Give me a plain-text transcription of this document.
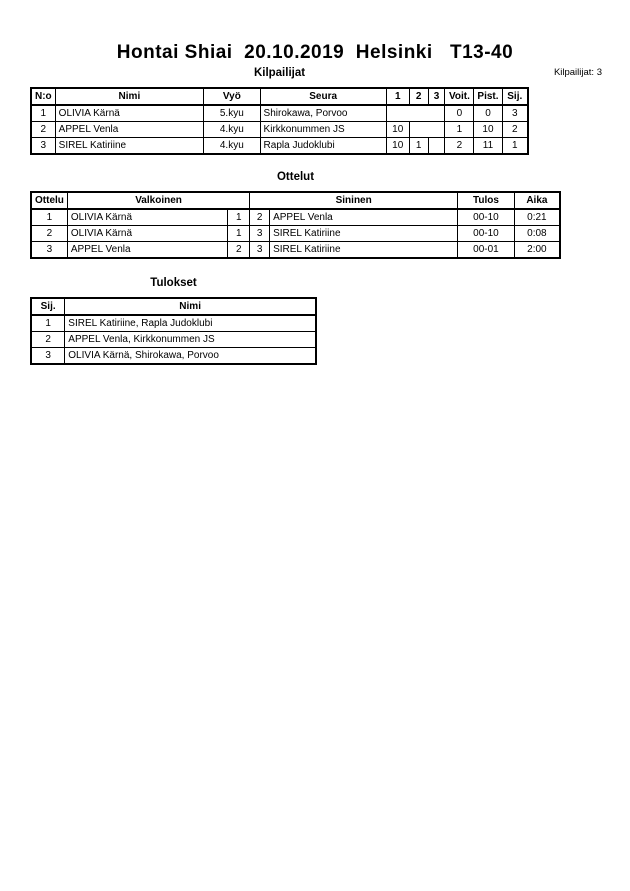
Hontai Shiai  20.10.2019  Helsinki   T13-40
Kilpailijat: 3
Kilpailijat
N:o	Nimi	Vyö	Seura	1	2	3	Voit.	Pist.	Sij.
1	OLIVIA Kärnä	5.kyu	Shirokawa, Porvoo				0	0	3
2	APPEL Venla	4.kyu	Kirkkonummen JS	10			1	10	2
3	SIREL Katiriine	4.kyu	Rapla Judoklubi	10	1		2	11	1
Ottelut
Ottelu	Valkoinen		Sininen		Tulos	Aika
1	OLIVIA Kärnä	1	2	APPEL Venla	00-10	0:21
2	OLIVIA Kärnä	1	3	SIREL Katiriine	00-10	0:08
3	APPEL Venla	2	3	SIREL Katiriine	00-01	2:00
Tulokset
Sij.	Nimi
1	SIREL Katiriine, Rapla Judoklubi
2	APPEL Venla, Kirkkonummen JS
3	OLIVIA Kärnä, Shirokawa, Porvoo
